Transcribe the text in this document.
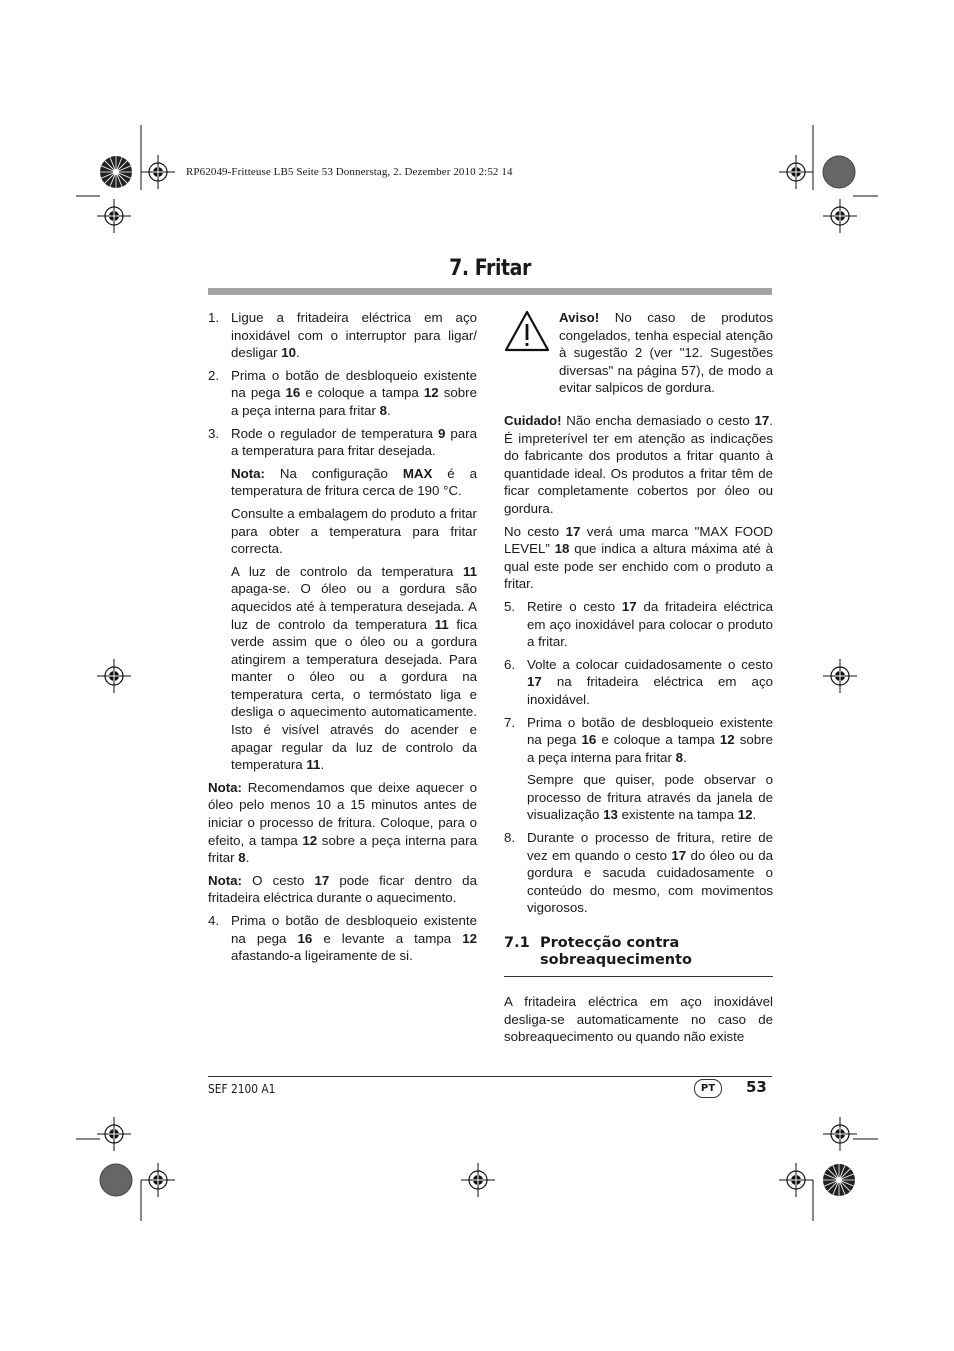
RP62049-Fritteuse LB5 Seite 53 Donnerstag, 2. Dezember 2010 2:52 14
7. Fritar
1. Ligue a fritadeira eléctrica em aço inoxidável com o interruptor para ligar/ desligar 10.
2. Prima o botão de desbloqueio existente na pega 16 e coloque a tampa 12 sobre a peça interna para fritar 8.
3. Rode o regulador de temperatura 9 para a temperatura para fritar desejada.
Nota: Na configuração MAX é a temperatura de fritura cerca de 190 °C.
Consulte a embalagem do produto a fritar para obter a temperatura para fritar correcta.
A luz de controlo da temperatura 11 apaga-se. O óleo ou a gordura são aquecidos até à temperatura desejada. A luz de controlo da temperatura 11 fica verde assim que o óleo ou a gordura atingirem a temperatura desejada. Para manter o óleo ou a gordura na temperatura certa, o termóstato liga e desliga o aquecimento automaticamente. Isto é visível através do acender e apagar regular da luz de controlo da temperatura 11.

Nota: Recomendamos que deixe aquecer o óleo pelo menos 10 a 15 minutos antes de iniciar o processo de fritura. Coloque, para o efeito, a tampa 12 sobre a peça interna para fritar 8.

Nota: O cesto 17 pode ficar dentro da fritadeira eléctrica durante o aquecimento.

4. Prima o botão de desbloqueio existente na pega 16 e levante a tampa 12 afastando-a ligeiramente de si.
Aviso! No caso de produtos congelados, tenha especial atenção à sugestão 2 (ver "12. Sugestões diversas" na página 57), de modo a evitar salpicos de gordura.

Cuidado! Não encha demasiado o cesto 17. É impreterível ter em atenção as indicações do fabricante dos produtos a fritar quanto à quantidade ideal. Os produtos a fritar têm de ficar completamente cobertos por óleo ou gordura.

No cesto 17 verá uma marca "MAX FOOD LEVEL” 18 que indica a altura máxima até à qual este pode ser enchido com o produto a fritar.

5. Retire o cesto 17 da fritadeira eléctrica em aço inoxidável para colocar o produto a fritar.
6. Volte a colocar cuidadosamente o cesto 17 na fritadeira eléctrica em aço inoxidável.
7. Prima o botão de desbloqueio existente na pega 16 e coloque a tampa 12 sobre a peça interna para fritar 8.
Sempre que quiser, pode observar o processo de fritura através da janela de visualização 13 existente na tampa 12.
8. Durante o processo de fritura, retire de vez em quando o cesto 17 do óleo ou da gordura e sacuda cuidadosamente o conteúdo do mesmo, com movimentos vigorosos.
7.1 Protecção contra sobreaquecimento

A fritadeira eléctrica em aço inoxidável desliga-se automaticamente no caso de sobreaquecimento ou quando não existe

SEF 2100 A1	PT	53
